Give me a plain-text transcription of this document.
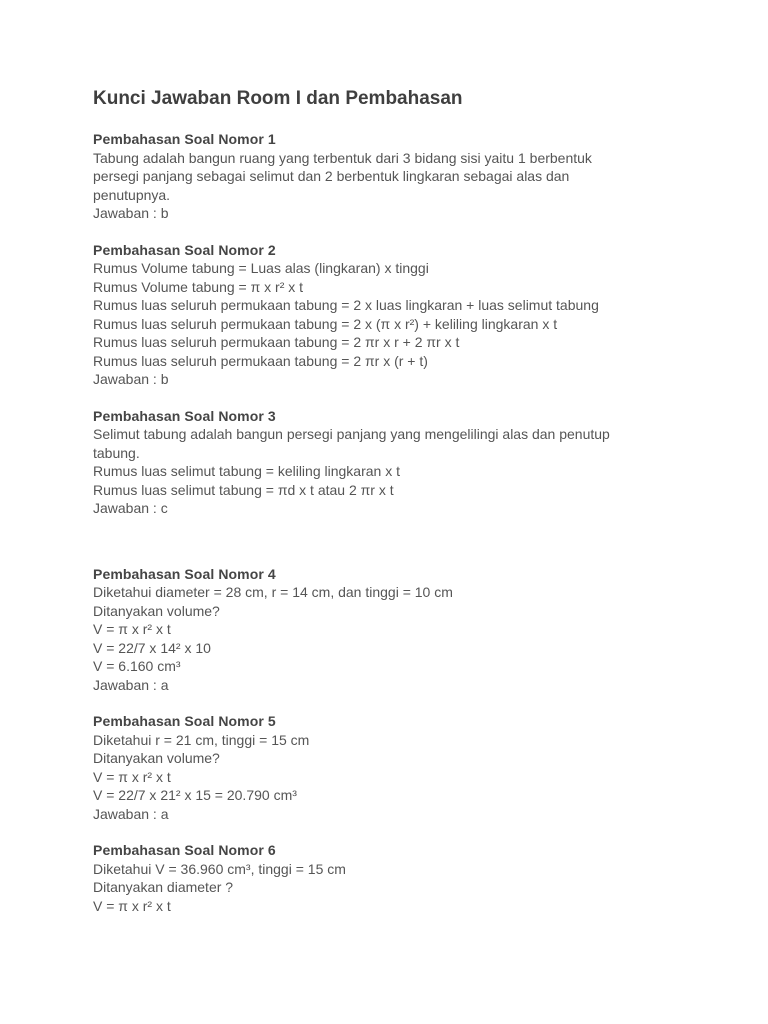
Kunci Jawaban Room I dan Pembahasan
Pembahasan Soal Nomor 1
Tabung adalah bangun ruang yang terbentuk dari 3 bidang sisi yaitu 1 berbentuk
persegi panjang sebagai selimut dan 2 berbentuk lingkaran sebagai alas dan
penutupnya.
Jawaban : b
Pembahasan Soal Nomor 2
Rumus Volume tabung = Luas alas (lingkaran) x tinggi
Rumus Volume tabung = π x r² x t
Rumus luas seluruh permukaan tabung = 2 x luas lingkaran + luas selimut tabung
Rumus luas seluruh permukaan tabung = 2 x (π x r²) + keliling lingkaran x t
Rumus luas seluruh permukaan tabung = 2 πr x r + 2 πr x t
Rumus luas seluruh permukaan tabung = 2 πr x (r + t)
Jawaban : b
Pembahasan Soal Nomor 3
Selimut tabung adalah bangun persegi panjang yang mengelilingi alas dan penutup
tabung.
Rumus luas selimut tabung = keliling lingkaran x t
Rumus luas selimut tabung = πd x t atau 2 πr x t
Jawaban : c
Pembahasan Soal Nomor 4
Diketahui diameter = 28 cm, r = 14 cm, dan tinggi = 10 cm
Ditanyakan volume?
V = π x r² x t
V = 22/7 x 14² x 10
V = 6.160 cm³
Jawaban : a
Pembahasan Soal Nomor 5
Diketahui r = 21 cm, tinggi = 15 cm
Ditanyakan volume?
V = π x r² x t
V = 22/7 x 21² x 15 = 20.790 cm³
Jawaban : a
Pembahasan Soal Nomor 6
Diketahui V = 36.960 cm³, tinggi = 15 cm
Ditanyakan diameter ?
V = π x r² x t
